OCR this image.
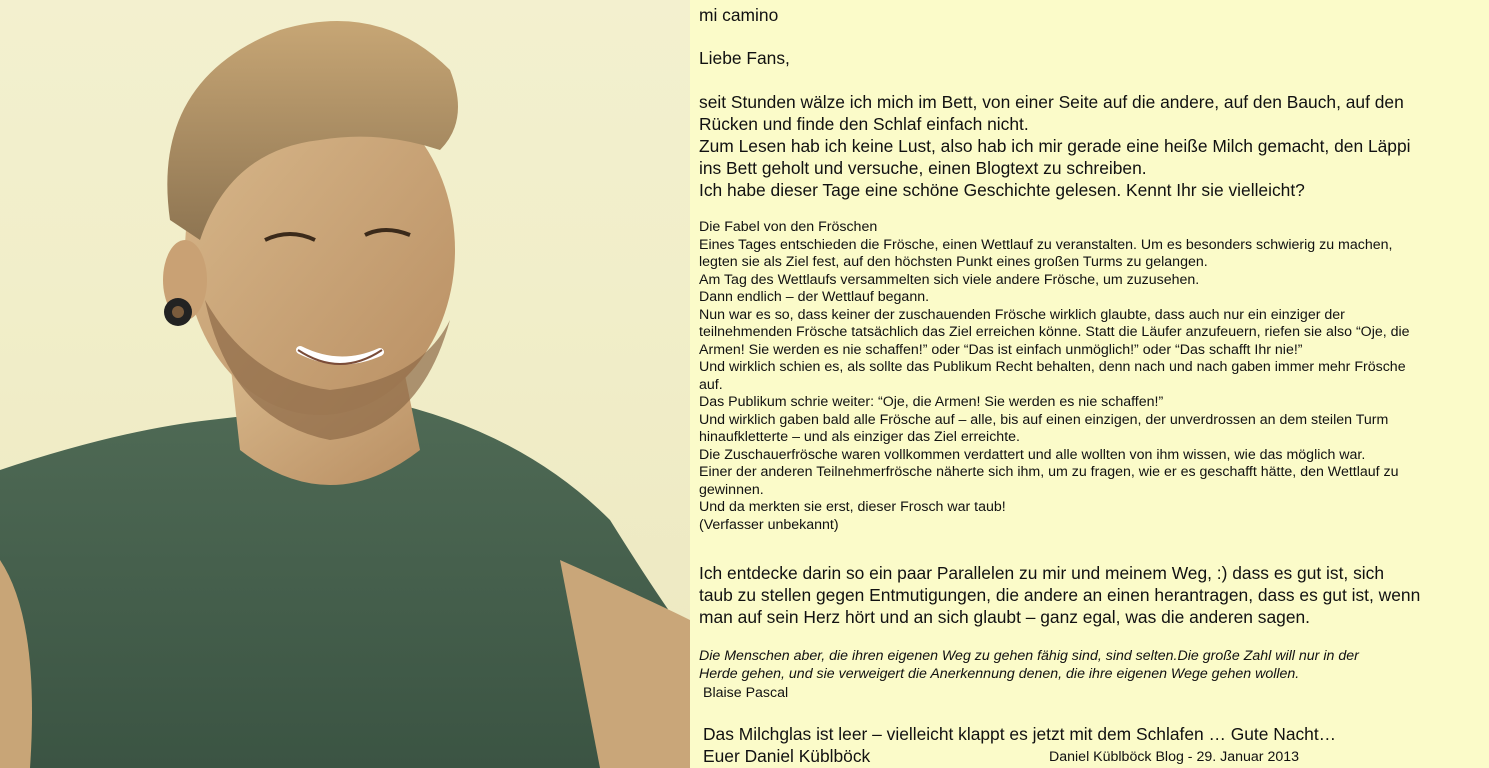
mi camino
Liebe Fans,
seit Stunden wälze ich mich im Bett, von einer Seite auf die andere, auf den Bauch, auf den
Rücken und finde den Schlaf einfach nicht.
Zum Lesen hab ich keine Lust, also hab ich mir gerade eine heiße Milch gemacht, den Läppi
ins Bett geholt und versuche, einen Blogtext zu schreiben.
Ich habe dieser Tage eine schöne Geschichte gelesen. Kennt Ihr sie vielleicht?
Die Fabel von den Fröschen
Eines Tages entschieden die Frösche, einen Wettlauf zu veranstalten. Um es besonders schwierig zu machen,
legten sie als Ziel fest, auf den höchsten Punkt eines großen Turms zu gelangen.
Am Tag des Wettlaufs versammelten sich viele andere Frösche, um zuzusehen.
Dann endlich – der Wettlauf begann.
Nun war es so, dass keiner der zuschauenden Frösche wirklich glaubte, dass auch nur ein einziger der
teilnehmenden Frösche tatsächlich das Ziel erreichen könne. Statt die Läufer anzufeuern, riefen sie also “Oje, die
Armen! Sie werden es nie schaffen!” oder “Das ist einfach unmöglich!” oder “Das schafft Ihr nie!”
Und wirklich schien es, als sollte das Publikum Recht behalten, denn nach und nach gaben immer mehr Frösche
auf.
Das Publikum schrie weiter: “Oje, die Armen! Sie werden es nie schaffen!”
Und wirklich gaben bald alle Frösche auf – alle, bis auf einen einzigen, der unverdrossen an dem steilen Turm
hinaufkletterte – und als einziger das Ziel erreichte.
Die Zuschauerfrösche waren vollkommen verdattert und alle wollten von ihm wissen, wie das möglich war.
Einer der anderen Teilnehmerfrösche näherte sich ihm, um zu fragen, wie er es geschafft hätte, den Wettlauf zu
gewinnen.
Und da merkten sie erst, dieser Frosch war taub!
(Verfasser unbekannt)
Ich entdecke darin so ein paar Parallelen zu mir und meinem Weg, :) dass es gut ist, sich
taub zu stellen gegen Entmutigungen, die andere an einen herantragen, dass es gut ist, wenn
man auf sein Herz hört und an sich glaubt – ganz egal, was die anderen sagen.
Die Menschen aber, die ihren eigenen Weg zu gehen fähig sind, sind selten.Die große Zahl will nur in der
Herde gehen, und sie verweigert die Anerkennung denen, die ihre eigenen Wege gehen wollen.
Blaise Pascal
Das Milchglas ist leer – vielleicht klappt es jetzt mit dem Schlafen … Gute Nacht…
Euer Daniel Küblböck	Daniel Küblböck Blog - 29. Januar 2013
